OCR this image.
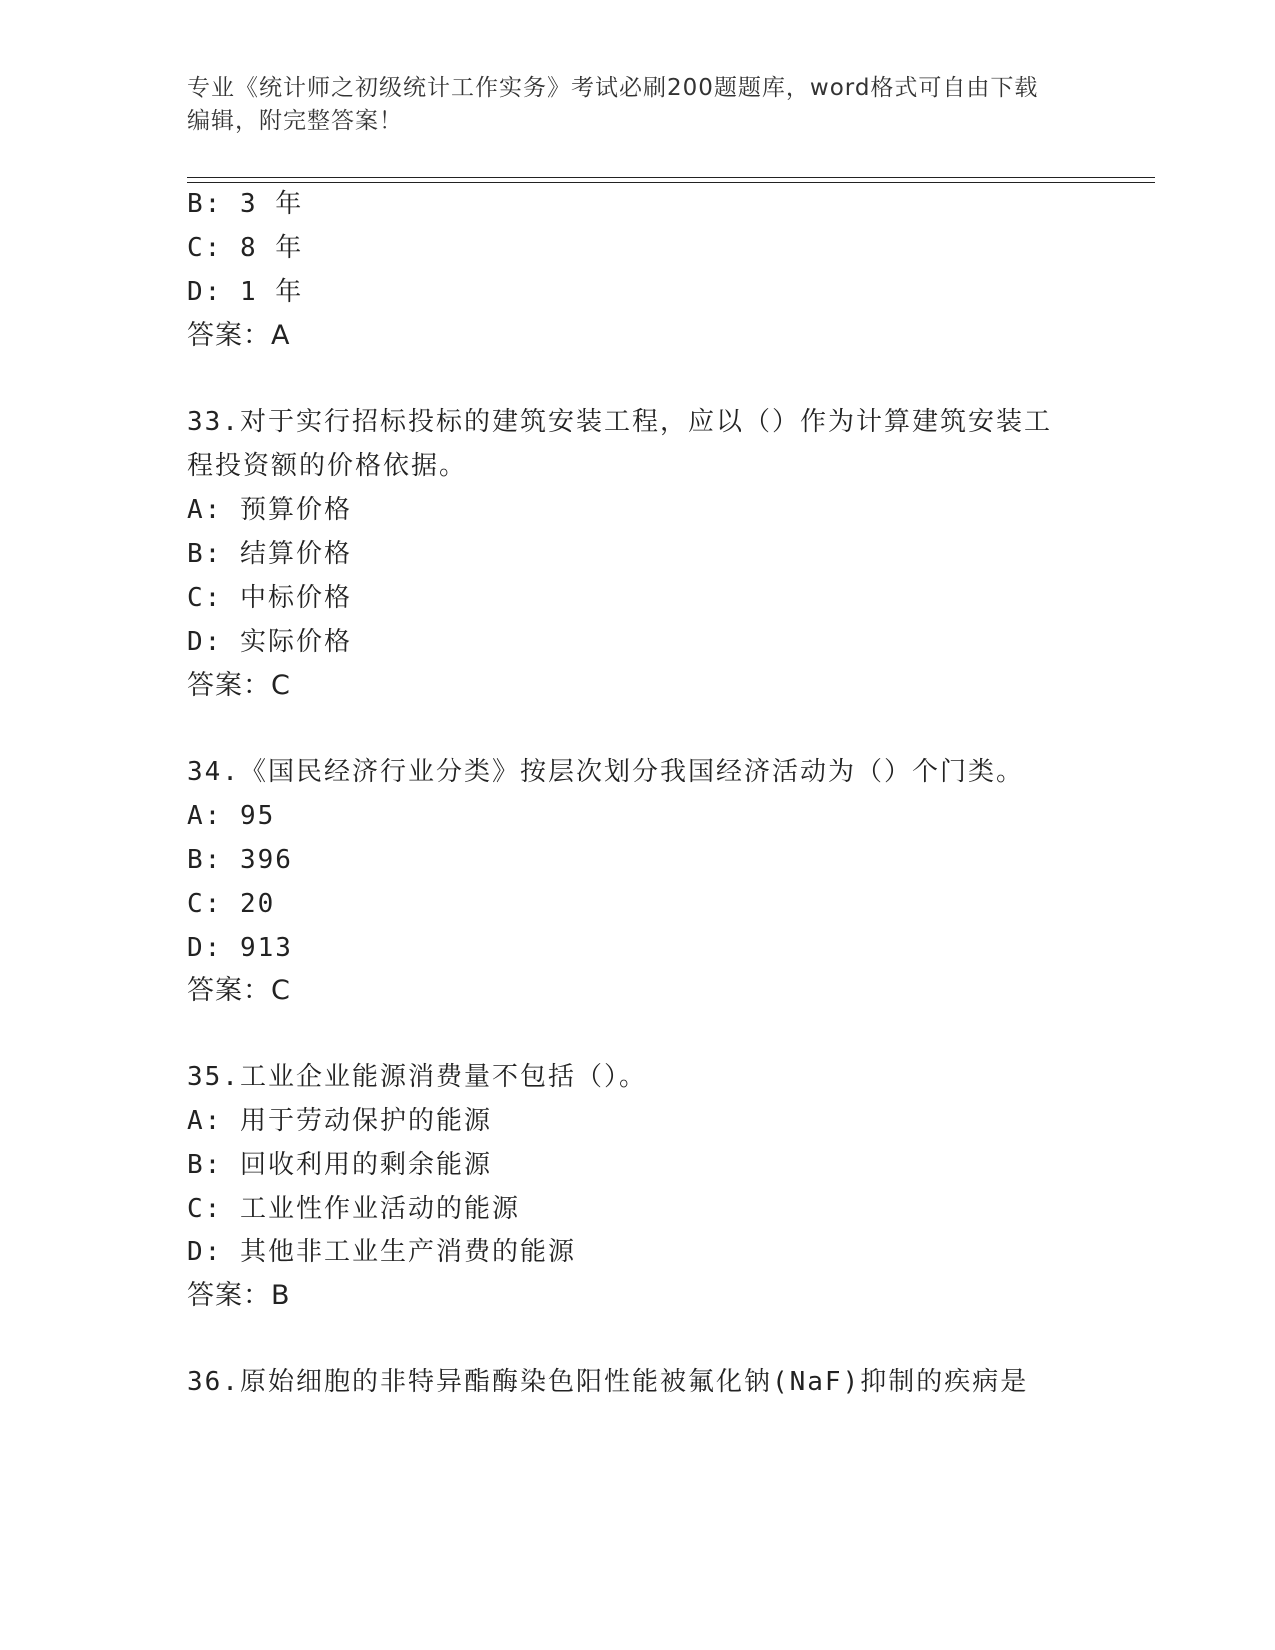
专业《统计师之初级统计工作实务》考试必刷200题题库，word格式可自由下载
编辑，附完整答案！
B: 3 年
C: 8 年
D: 1 年
答案：A
33.对于实行招标投标的建筑安装工程，应以（）作为计算建筑安装工
程投资额的价格依据。
A: 预算价格
B: 结算价格
C: 中标价格
D: 实际价格
答案：C
34.《国民经济行业分类》按层次划分我国经济活动为（）个门类。
A: 95
B: 396
C: 20
D: 913
答案：C
35.工业企业能源消费量不包括（）。
A: 用于劳动保护的能源
B: 回收利用的剩余能源
C: 工业性作业活动的能源
D: 其他非工业生产消费的能源
答案：B
36.原始细胞的非特异酯酶染色阳性能被氟化钠(NaF)抑制的疾病是
